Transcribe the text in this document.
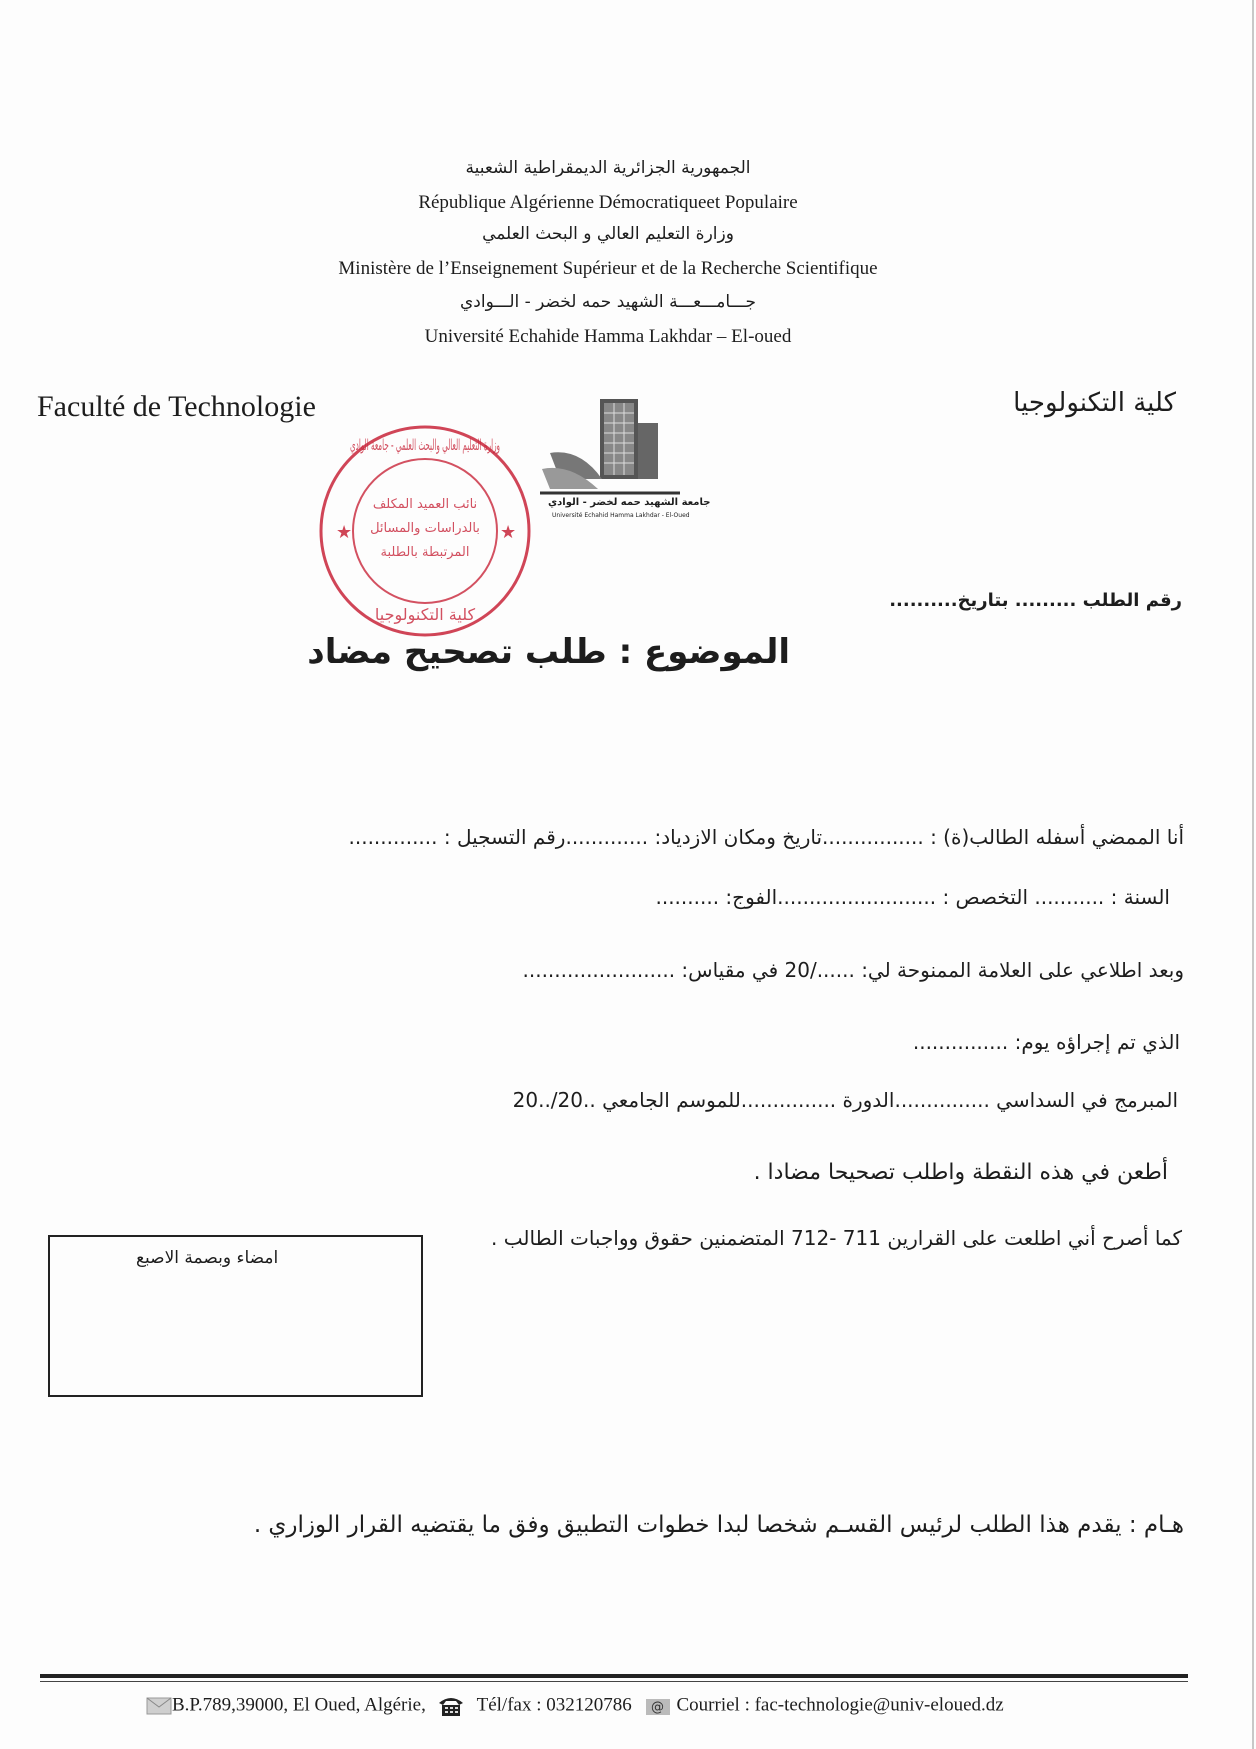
الجمهورية الجزائرية الديمقراطية الشعبية
République Algérienne Démocratiqueet Populaire
وزارة التعليم العالي و البحث العلمي
Ministère de l’Enseignement Supérieur et de la Recherche Scientifique
جـــامـــعـــة الشهيد حمه لخضر - الـــوادي
Université Echahide Hamma Lakhdar – El-oued
Faculté de Technologie	كلية التكنولوجيا
جامعة الشهيد حمه لخضر - الوادي
Université Echahid Hamma Lakhdar - El-Oued
وزارة التعليم العالي والبحث العلمي - جامعة الوادي
نائب العميد المكلف
بالدراسات والمسائل
المرتبطة بالطلبة
كلية التكنولوجيا
★	★
رقم الطلب ......... بتاريخ..........
الموضوع : طلب تصحيح مضاد
أنا الممضي أسفله الطالب(ة) : ................تاريخ ومكان الازدياد: .............رقم التسجيل : ..............
السنة : ........... التخصص : .........................الفوج: ..........
وبعد اطلاعي على العلامة الممنوحة لي: ....../20 في مقياس: ........................
الذي تم إجراؤه يوم: ...............
المبرمج في السداسي ...............الدورة ...............للموسم الجامعي ..20/..20
أطعن في هذه النقطة واطلب تصحيحا مضادا .
كما أصرح أني اطلعت على القرارين 711 -712 المتضمنين حقوق وواجبات الطالب .
امضاء وبصمة الاصبع
هـام : يقدم هذا الطلب لرئيس القسـم شخصا لبدا خطوات التطبيق وفق ما يقتضيه القرار الوزاري .
B.P.789,39000, El Oued, Algérie,	Tél/fax : 032120786 @ Courriel : fac-technologie@univ-eloued.dz
